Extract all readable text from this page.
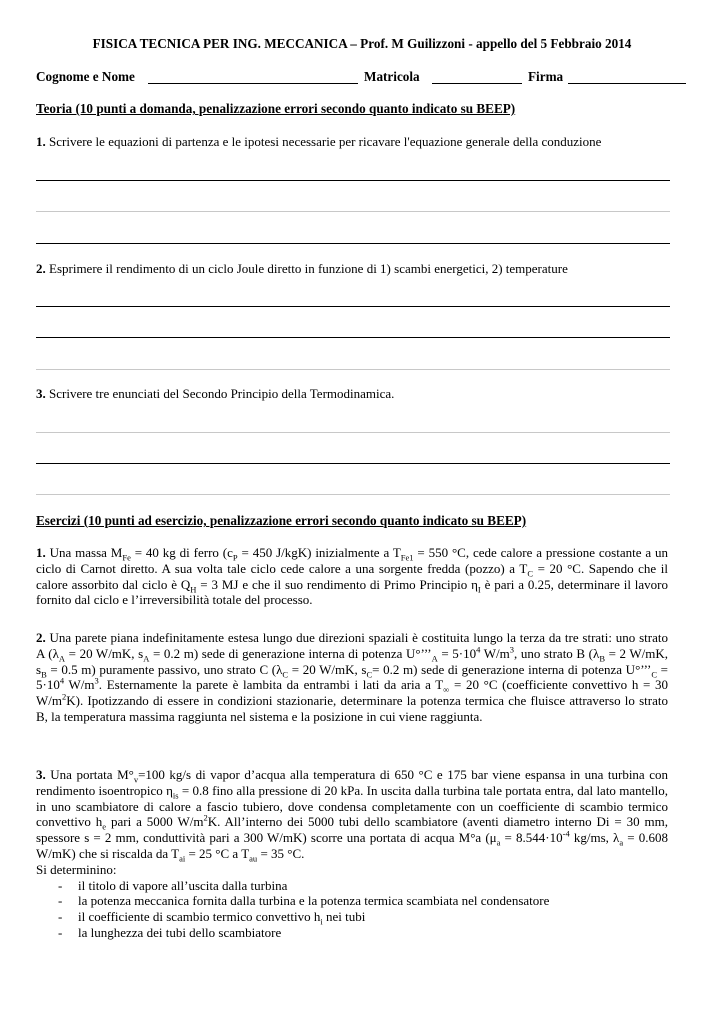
FISICA TECNICA PER ING. MECCANICA – Prof. M Guilizzoni - appello del 5 Febbraio 2014
Cognome e Nome	Matricola	Firma
Teoria (10 punti a domanda, penalizzazione errori secondo quanto indicato su BEEP)
1. Scrivere le equazioni di partenza e le ipotesi necessarie per ricavare l'equazione generale della conduzione
2. Esprimere il rendimento di un ciclo Joule diretto in funzione di 1) scambi energetici, 2) temperature
3. Scrivere tre enunciati del Secondo Principio della Termodinamica.
Esercizi (10 punti ad esercizio, penalizzazione errori secondo quanto indicato su BEEP)
1. Una massa $M_{Fe} = 40$ kg di ferro ($c_P = 450$ J/kgK) inizialmente a $T_{Fe1} = 550$ °C, cede calore a pressione costante a un ciclo di Carnot diretto. A sua volta tale ciclo cede calore a una sorgente fredda (pozzo) a $T_C = 20$ °C. Sapendo che il calore assorbito dal ciclo è $Q_H = 3$ MJ e che il suo rendimento di Primo Principio $\eta_I$ è pari a 0.25, determinare il lavoro fornito dal ciclo e l’irreversibilità totale del processo.
2. Una parete piana indefinitamente estesa lungo due direzioni spaziali è costituita lungo la terza da tre strati: uno strato A ($\lambda_A = 20$ W/mK, $s_A = 0.2$ m) sede di generazione interna di potenza $U^\circ’’’_A = 5\cdot 10^4$ $W/m^3$, uno strato B ($\lambda_B = 2$ W/mK, $s_B = 0.5$ m) puramente passivo, uno strato C ($\lambda_C = 20$ W/mK, $s_C= 0.2$ m) sede di generazione interna di potenza $U^\circ’’’_C = 5\cdot 10^4$ $W/m^3$. Esternamente la parete è lambita da entrambi i lati da aria a $T_\infty = 20$ °C (coefficiente convettivo h = 30 $W/m^2K$). Ipotizzando di essere in condizioni stazionarie, determinare la potenza termica che fluisce attraverso lo strato B, la temperatura massima raggiunta nel sistema e la posizione in cui viene raggiunta.
3. Una portata $M^\circ_v=100$ kg/s di vapor d’acqua alla temperatura di 650 °C e 175 bar viene espansa in una turbina con rendimento isoentropico $\eta_{is} = 0.8$ fino alla pressione di 20 kPa. In uscita dalla turbina tale portata entra, dal lato mantello, in uno scambiatore di calore a fascio tubiero, dove condensa completamente con un coefficiente di scambio termico convettivo $h_e$ pari a 5000 $W/m^2K$. All’interno dei 5000 tubi dello scambiatore (aventi diametro interno Di = 30 mm, spessore s = 2 mm, conduttività pari a 300 W/mK) scorre una portata di acqua M°a ($\mu_a = 8.544\cdot 10^{-4}$ kg/ms, $\lambda_a = 0.608$ W/mK) che si riscalda da $T_{ai} = 25$ °C a $T_{au} = 35$ °C.
Si determinino:
- il titolo di vapore all’uscita dalla turbina
- la potenza meccanica fornita dalla turbina e la potenza termica scambiata nel condensatore
- il coefficiente di scambio termico convettivo $h_i$ nei tubi
- la lunghezza dei tubi dello scambiatore
